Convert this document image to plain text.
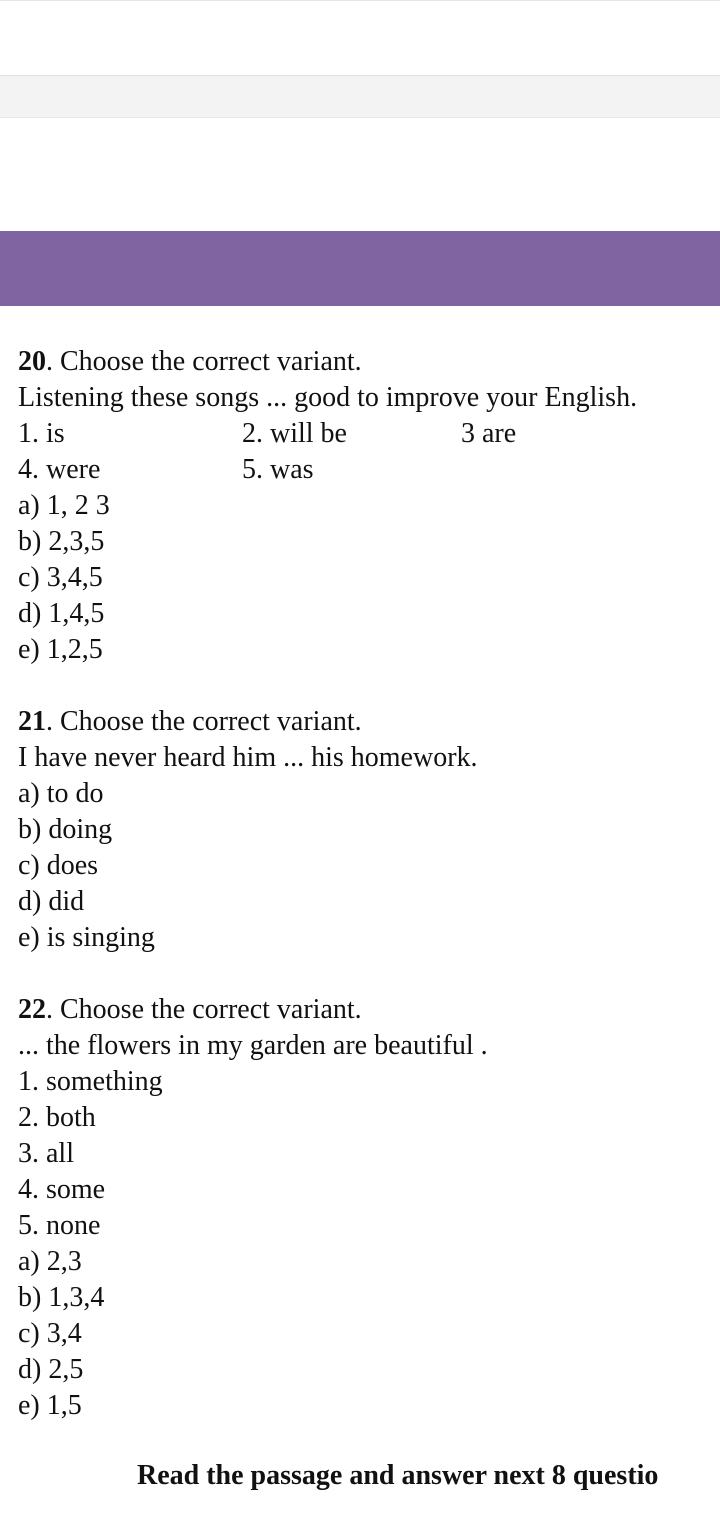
20. Choose the correct variant.
Listening these songs ... good to improve your English.
1. is	2. will be	3 are
4. were	5. was
a) 1, 2 3
b) 2,3,5
c) 3,4,5
d) 1,4,5
e) 1,2,5
21. Choose the correct variant.
I have never heard him ... his homework.
a) to do
b) doing
c) does
d) did
e) is singing
22. Choose the correct variant.
... the flowers in my garden are beautiful .
1. something
2. both
3. all
4. some
5. none
a) 2,3
b) 1,3,4
c) 3,4
d) 2,5
e) 1,5
Read the passage and answer next 8 questio
